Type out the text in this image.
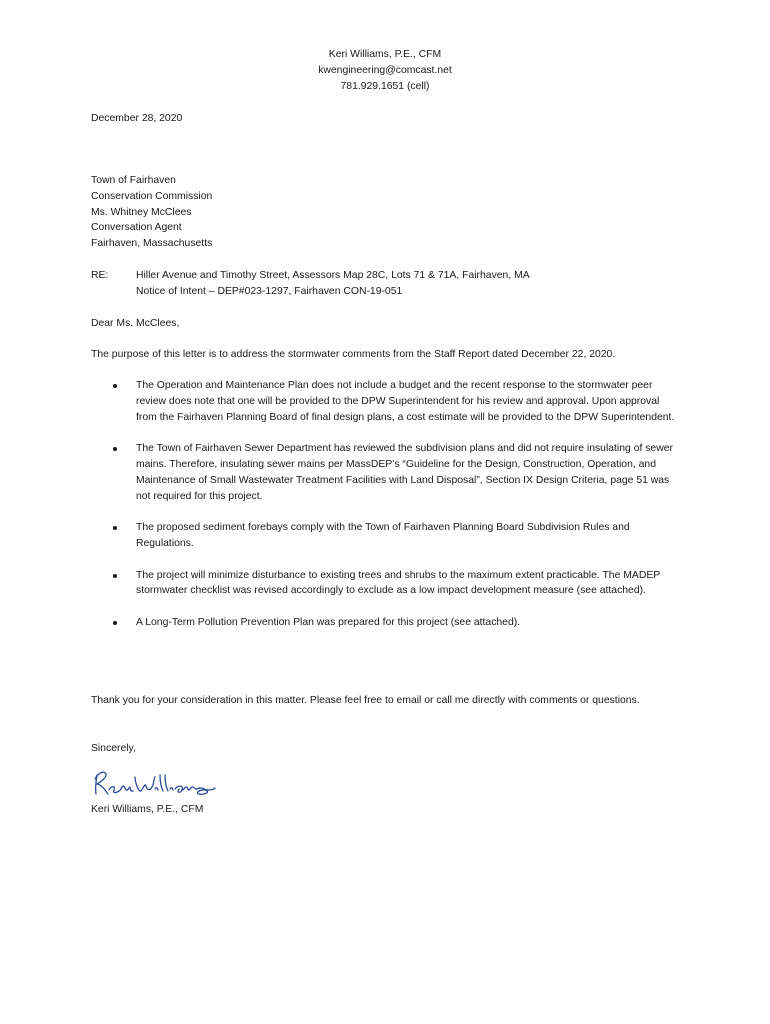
Keri Williams, P.E., CFM
kwengineering@comcast.net
781.929.1651 (cell)
December 28, 2020
Town of Fairhaven
Conservation Commission
Ms. Whitney McClees
Conversation Agent
Fairhaven, Massachusetts
RE:	Hiller Avenue and Timothy Street, Assessors Map 28C, Lots 71 & 71A, Fairhaven, MA
Notice of Intent – DEP#023-1297, Fairhaven CON-19-051
Dear Ms. McClees,
The purpose of this letter is to address the stormwater comments from the Staff Report dated December 22, 2020.
The Operation and Maintenance Plan does not include a budget and the recent response to the stormwater peer review does note that one will be provided to the DPW Superintendent for his review and approval. Upon approval from the Fairhaven Planning Board of final design plans, a cost estimate will be provided to the DPW Superintendent.
The Town of Fairhaven Sewer Department has reviewed the subdivision plans and did not require insulating of sewer mains. Therefore, insulating sewer mains per MassDEP’s “Guideline for the Design, Construction, Operation, and Maintenance of Small Wastewater Treatment Facilities with Land Disposal”, Section IX Design Criteria, page 51 was not required for this project.
The proposed sediment forebays comply with the Town of Fairhaven Planning Board Subdivision Rules and Regulations.
The project will minimize disturbance to existing trees and shrubs to the maximum extent practicable. The MADEP stormwater checklist was revised accordingly to exclude as a low impact development measure (see attached).
A Long-Term Pollution Prevention Plan was prepared for this project (see attached).
Thank you for your consideration in this matter. Please feel free to email or call me directly with comments or questions.
Sincerely,
Keri Williams, P.E., CFM
